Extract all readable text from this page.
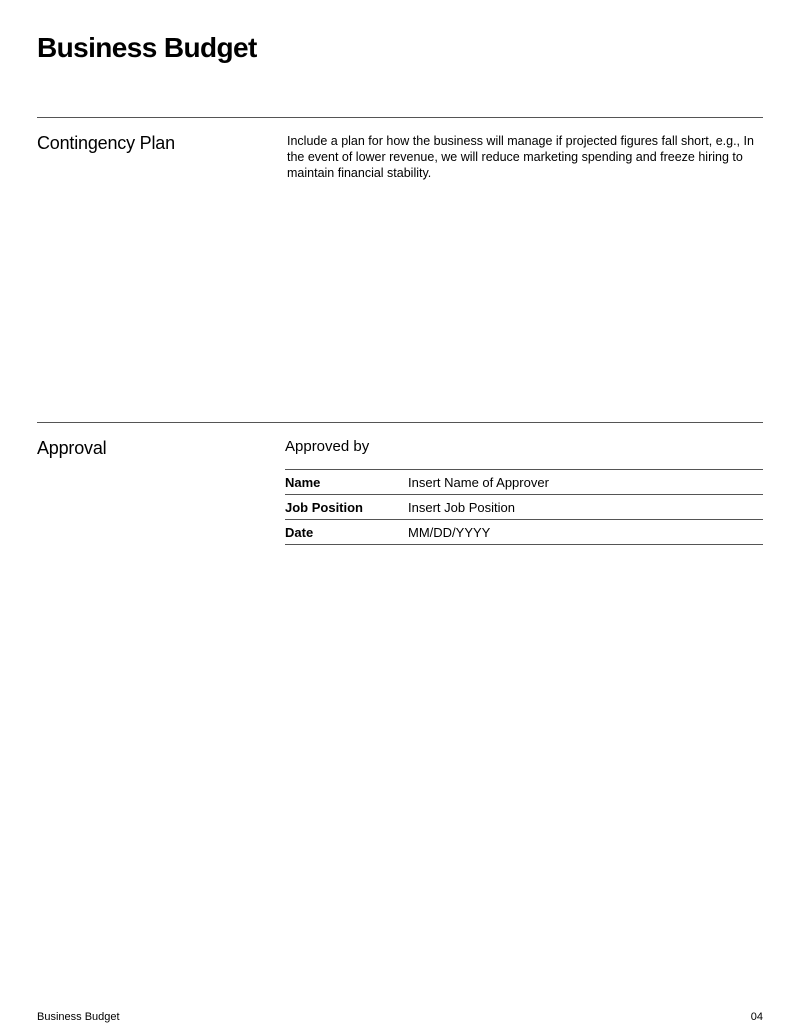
Business Budget
Contingency Plan	Include a plan for how the business will manage if projected figures fall short, e.g., In the event of lower revenue, we will reduce marketing spending and freeze hiring to maintain financial stability.

Approval	Approved by
Name	Insert Name of Approver
Job Position	Insert Job Position
Date	MM/DD/YYYY
Business Budget	04
